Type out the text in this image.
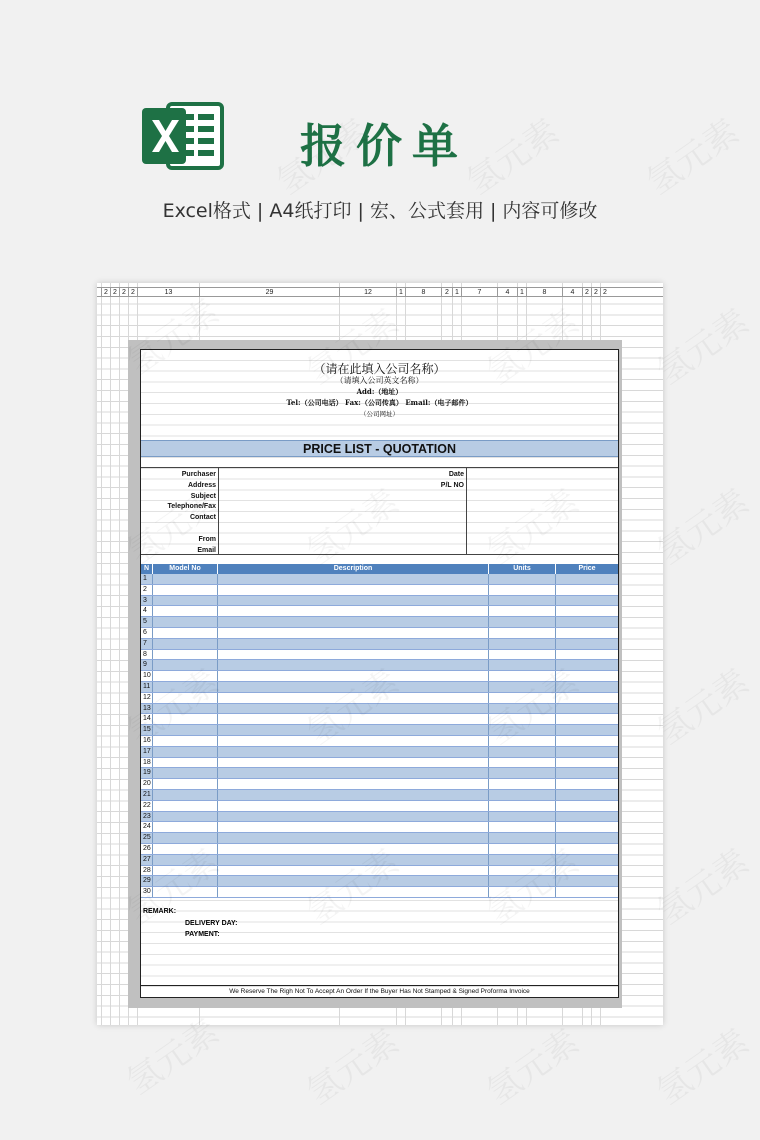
报价单
Excel格式 | A4纸打印 | 宏、公式套用 | 内容可修改
2 2 2 2	13	29	12	1	8	2 1	7	4	1	8	4	2 2 2
（请在此填入公司名称）
（请填入公司英文名称）
Add:（地址）
Tel:（公司电话） Fax:（公司传真） Email:（电子邮件）
（公司网址）
PRICE LIST - QUOTATION
Purchaser
Address
Subject
Telephone/Fax
Contact
From
Email
Date
P/L NO
N	Model No	Description	Units	Price
1
2
3
4
5
6
7
8
9
10
11
12
13
14
15
16
17
18
19
20
21
22
23
24
25
26
27
28
29
30
REMARK:
DELIVERY DAY:
PAYMENT:
We Reserve The Righ Not To Accept An Order If the Buyer Has Not Stamped & Signed Proforma Invoice
